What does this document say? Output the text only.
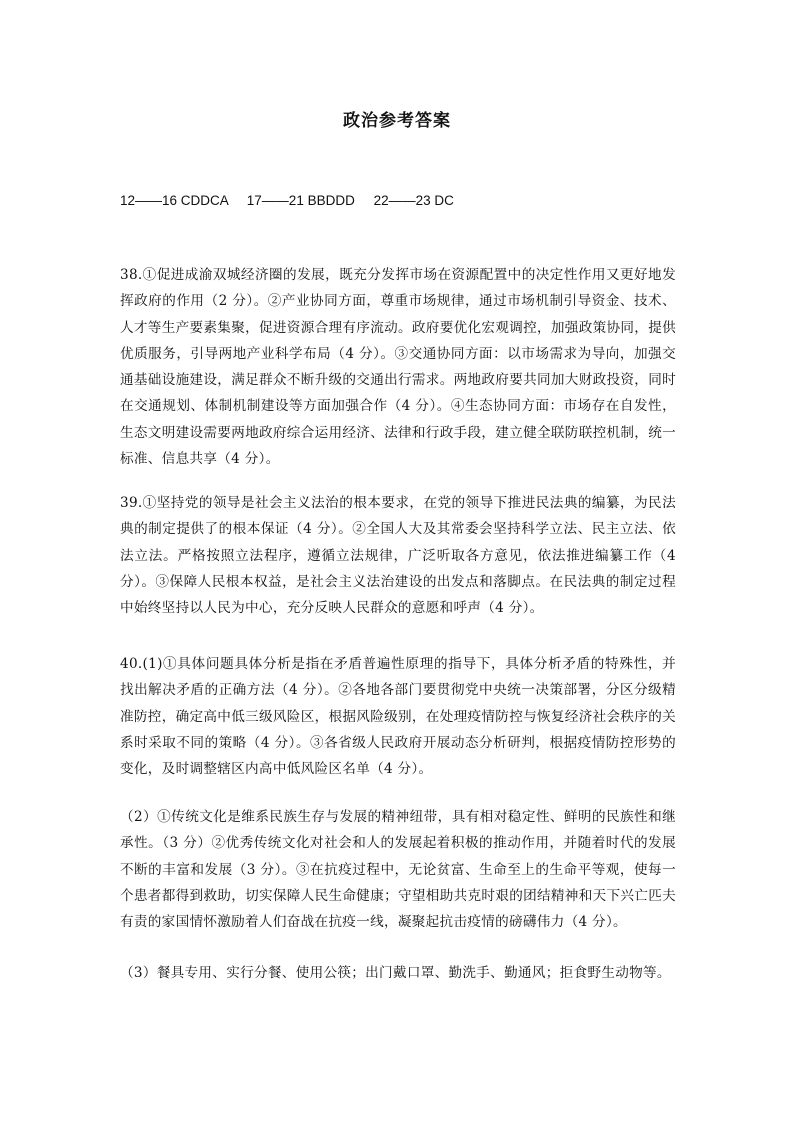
政治参考答案
12——16 CDDCA     17——21 BBDDD     22——23 DC

38.①促进成渝双城经济圈的发展，既充分发挥市场在资源配置中的决定性作用又更好地发挥政府的作用（2 分）。②产业协同方面，尊重市场规律，通过市场机制引导资金、技术、人才等生产要素集聚，促进资源合理有序流动。政府要优化宏观调控，加强政策协同，提供优质服务，引导两地产业科学布局（4 分）。③交通协同方面：以市场需求为导向，加强交通基础设施建设，满足群众不断升级的交通出行需求。两地政府要共同加大财政投资，同时在交通规划、体制机制建设等方面加强合作（4 分）。④生态协同方面：市场存在自发性，生态文明建设需要两地政府综合运用经济、法律和行政手段，建立健全联防联控机制，统一标准、信息共享（4 分）。

39.①坚持党的领导是社会主义法治的根本要求，在党的领导下推进民法典的编纂，为民法典的制定提供了的根本保证（4 分）。②全国人大及其常委会坚持科学立法、民主立法、依法立法。严格按照立法程序，遵循立法规律，广泛听取各方意见，依法推进编纂工作（4 分）。③保障人民根本权益，是社会主义法治建设的出发点和落脚点。在民法典的制定过程中始终坚持以人民为中心，充分反映人民群众的意愿和呼声（4 分）。

40.(1)①具体问题具体分析是指在矛盾普遍性原理的指导下，具体分析矛盾的特殊性，并找出解决矛盾的正确方法（4 分）。②各地各部门要贯彻党中央统一决策部署，分区分级精准防控，确定高中低三级风险区，根据风险级别，在处理疫情防控与恢复经济社会秩序的关系时采取不同的策略（4 分）。③各省级人民政府开展动态分析研判，根据疫情防控形势的变化，及时调整辖区内高中低风险区名单（4 分）。

（2）①传统文化是维系民族生存与发展的精神纽带，具有相对稳定性、鲜明的民族性和继承性。（3 分）②优秀传统文化对社会和人的发展起着积极的推动作用，并随着时代的发展不断的丰富和发展（3 分）。③在抗疫过程中，无论贫富、生命至上的生命平等观，使每一个患者都得到救助，切实保障人民生命健康；守望相助共克时艰的团结精神和天下兴亡匹夫有责的家国情怀激励着人们奋战在抗疫一线，凝聚起抗击疫情的磅礴伟力（4 分）。

（3）餐具专用、实行分餐、使用公筷；出门戴口罩、勤洗手、勤通风；拒食野生动物等。
